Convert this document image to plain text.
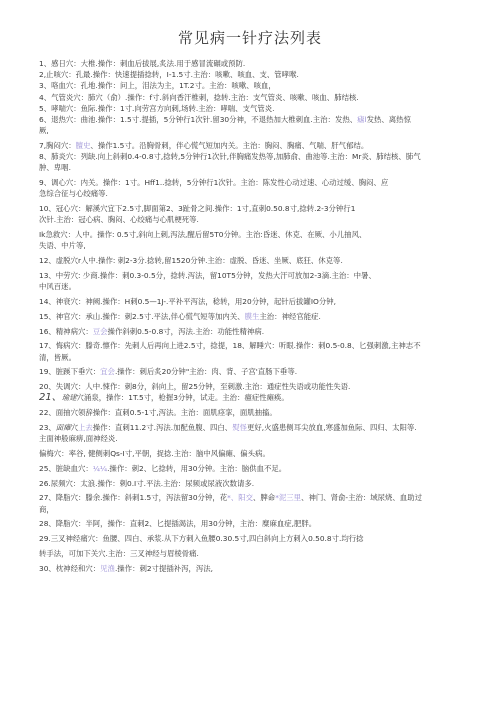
常见病一针疗法列表
1、感日穴：大椎.操作：刺血后拔展,炙法.用于感冒流碾或预防.
2,止咳穴：孔最.操作：快速提插捻转，I-1.5寸.主治：咳嗽、咳血、支、管哮喉.
3、咯血穴：孔地.操作：问上，泪法为主，1T.2寸。主治：咳嗽、咳血，
4、气管炎穴：肺穴（俞）.操作：f寸.斜向香汗椎刺，捻转.主治：支气管炎、咳嗽、咳血、肺结核.
5、哮喘穴：鱼际.操作：1寸.向劳宫方向刺,场转.主治：哮喘、支气管炎.
6、退热穴：曲池.操作：1.5寸.提插，5分钟行1次针.留30分神，不退热加大椎刺血.主治：发热、瘧l发热、离热惊
厥,
7,胸闷穴：膻史、操作1.5寸。沿胸骨刺，伴心慌气短加内关。主治：胸闷、胸痛、气喘、肝气郁结。
8、肺炎穴：列缺.向上斜刺0.4-0.8寸,捻转,5分钟行1次针,伴胸痛发热等,加肺俞、曲池等.主治：Mr炎、肺结核、肺气
肿、卑咽.
9、调心穴：内关。操作：1寸。Hff1..捻转，5分钟行1次针。主治：陈发性心动过速、心动过缓、胸闷、应
急综合征与心绞痛等.
10、冠心穴：解溪穴宜下2.5寸,脚面第2、3趾骨之间.操作：1寸,直刺0.50.8寸,捻转.2-3分钟行1
次针.主治：冠心病、胸闷、心绞痛与心肌梗死等.
Ik急救穴：人中。操作: 0.5寸,斜向上刺,泻法,醒后留5T0分钟。主治:昏迷、休克、在厥、小儿抽风、
失语、中片等,
12、虚脱穴r人中.操作: 刺2-3分.捻转,留1520分钟.主治：虚脱、昏迷、坐厥、底狂、休克等.
13、中劳穴: 少商.操作：刺0.3-0.5分，捻转.泻法，留10T5分钟，发热大汗可放加2-3滴.主治：中暑、
中风百迷。
14、神衰穴：神阙.操作：H刺0.5—1J-.平补平泻法，稔转，用20分钟，起针后拔罐IO分钟,
15、神官穴：承山.操作：刺2.5寸.平法,伴心慌气短等加内关、膜生主治：神经官能症.
16、精神病穴：豆会操作斜刺0.5-0.8寸，泻法.主治：功能性精神病.
17、悔病穴：滕奇.懔作：先刺人后再向上进2.5寸，捻提，18、解睡穴：听眼.操作：刺0.5-0.8、匕强刺激,主神志不
清，皆厥。
19、脏蹊下垂穴：宜会.操作：刺后炙20分钟"主治：肉、背、子宫'直肠下垂等.
20、失调穴：人中.悚作：刺8分，斜向上，留25分钟，至刺激.主治：通症性失语或功能性失语.
21、瑜建穴涌泉，操作：1T.5寸，枪握3分钟，试走。主治：癔症性瘫痪。
22、面抽穴领辞操作：直刺0.5-1寸,泻法。主治：面肌痉挛，面肌抽搐。
23、面瘫穴上去操作：直刺11.2寸.泻法.加配鱼腹、四白、熨怪更好,火盛患侧耳尖放血,寒盛加鱼际、四归、太阳等.
主面神般麻痹,面神经炎.
偏梅穴：率谷, 健侧刺Qs-I寸,平朝，捉捻.主治：脑中风偏瘫、偏头病。
25、脏缺血穴：¼¼.操作：刺2、匕捻转，用30分钟。主治：脑供血不足。
26.尿频穴：太浪.操作：剌0.I寸.平法.主治：尿频或尿液次数请多.
27、降脂穴：滕余.操作：斜刺1.5寸，泻法留30分钟，花*、阳交、脾命*泥三里、神门、肾俞-主治：域尿烧、血助过
商，
28、降脂穴：半阿，操作：直刺2、匕提插渴法，用30分钟，主治：糜麻血症,肥胖。
29.三叉神经痛穴：鱼腰、四白、承浆.从下方刺入鱼腰0.30.5寸,四白斜向上方刺入0.50.8寸.均行捻
转手法，可加下关穴.主治：三叉神经与眉棱骨痛.
30、枕神经和穴：见渔.操作：刺2寸提插补泻，泻法,
